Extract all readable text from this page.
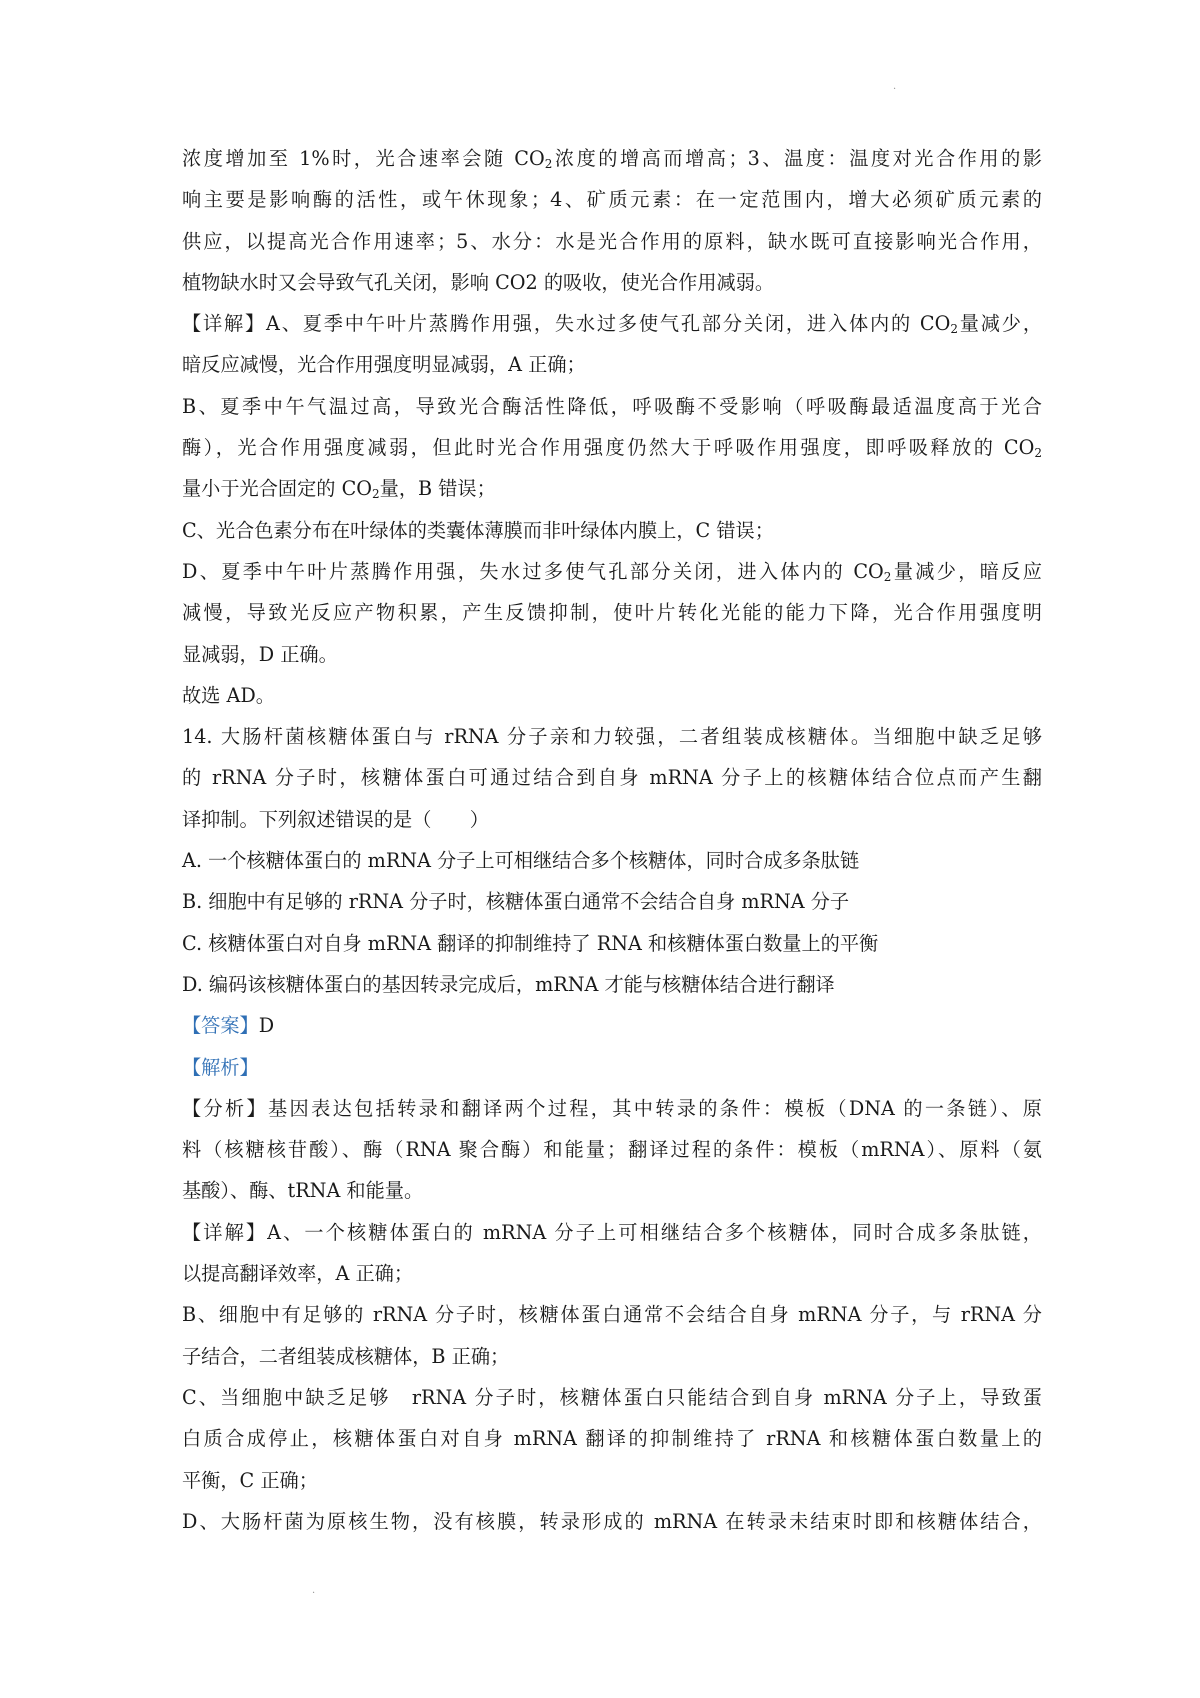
·
浓度增加至 1%时，光合速率会随 $CO_2$浓度的增高而增高；3、温度：温度对光合作用的影
响主要是影响酶的活性，或午休现象；4、矿质元素：在一定范围内，增大必须矿质元素的
供应，以提高光合作用速率；5、水分：水是光合作用的原料，缺水既可直接影响光合作用，
植物缺水时又会导致气孔关闭，影响 CO2 的吸收，使光合作用减弱。
【详解】A、夏季中午叶片蒸腾作用强，失水过多使气孔部分关闭，进入体内的 $CO_2$量减少，
暗反应减慢，光合作用强度明显减弱，A 正确；
B、夏季中午气温过高，导致光合酶活性降低，呼吸酶不受影响（呼吸酶最适温度高于光合
酶），光合作用强度减弱，但此时光合作用强度仍然大于呼吸作用强度，即呼吸释放的 $CO_2$
量小于光合固定的 $CO_2$量，B 错误；
C、光合色素分布在叶绿体的类囊体薄膜而非叶绿体内膜上，C 错误；
D、夏季中午叶片蒸腾作用强，失水过多使气孔部分关闭，进入体内的 $CO_2$量减少，暗反应
减慢，导致光反应产物积累，产生反馈抑制，使叶片转化光能的能力下降，光合作用强度明
显减弱，D 正确。
故选 AD。
14. 大肠杆菌核糖体蛋白与 rRNA 分子亲和力较强，二者组装成核糖体。当细胞中缺乏足够
的 rRNA 分子时，核糖体蛋白可通过结合到自身 mRNA 分子上的核糖体结合位点而产生翻
译抑制。下列叙述错误的是（　　）
A. 一个核糖体蛋白的 mRNA 分子上可相继结合多个核糖体，同时合成多条肽链
B. 细胞中有足够的 rRNA 分子时，核糖体蛋白通常不会结合自身 mRNA 分子
C. 核糖体蛋白对自身 mRNA 翻译的抑制维持了 RNA 和核糖体蛋白数量上的平衡
D. 编码该核糖体蛋白的基因转录完成后，mRNA 才能与核糖体结合进行翻译
【答案】D
【解析】
【分析】基因表达包括转录和翻译两个过程，其中转录的条件：模板（DNA 的一条链）、原
料（核糖核苷酸）、酶（RNA 聚合酶）和能量；翻译过程的条件：模板（mRNA）、原料（氨
基酸）、酶、tRNA 和能量。
【详解】A、一个核糖体蛋白的 mRNA 分子上可相继结合多个核糖体，同时合成多条肽链，
以提高翻译效率，A 正确；
B、细胞中有足够的 rRNA 分子时，核糖体蛋白通常不会结合自身 mRNA 分子，与 rRNA 分
子结合，二者组装成核糖体，B 正确；
C、当细胞中缺乏足够　rRNA 分子时，核糖体蛋白只能结合到自身 mRNA 分子上，导致蛋
白质合成停止，核糖体蛋白对自身 mRNA 翻译的抑制维持了 rRNA 和核糖体蛋白数量上的
平衡，C 正确；
D、大肠杆菌为原核生物，没有核膜，转录形成的 mRNA 在转录未结束时即和核糖体结合，
·
